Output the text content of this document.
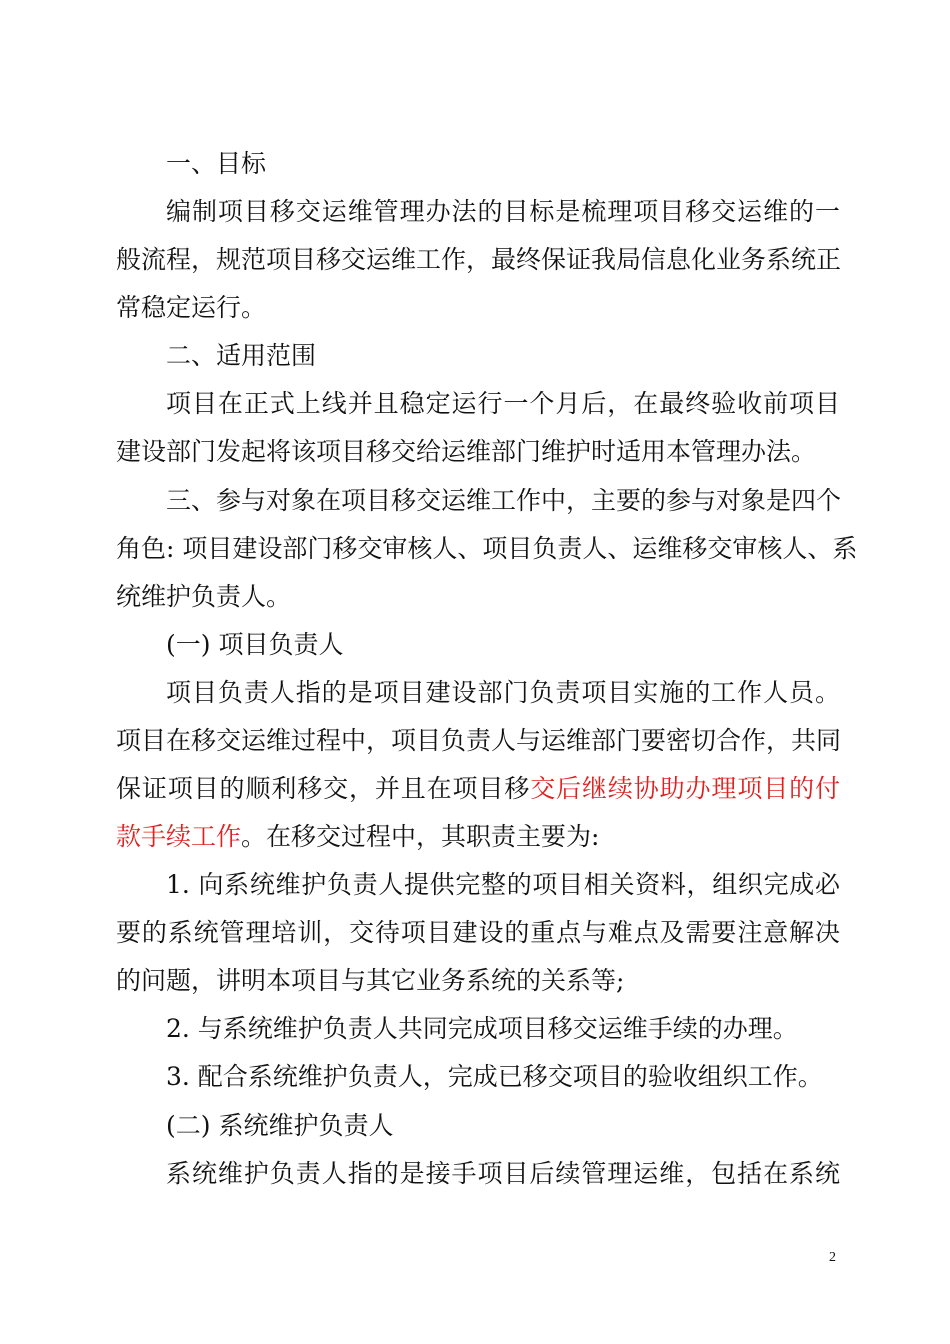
一、目标
编制项目移交运维管理办法的目标是梳理项目移交运维的一
般流程，规范项目移交运维工作，最终保证我局信息化业务系统正
常稳定运行。
二、适用范围
项目在正式上线并且稳定运行一个月后，在最终验收前项目
建设部门发起将该项目移交给运维部门维护时适用本管理办法。
三、参与对象在项目移交运维工作中，主要的参与对象是四个
角色: 项目建设部门移交审核人、项目负责人、运维移交审核人、系
统维护负责人。
(一) 项目负责人
项目负责人指的是项目建设部门负责项目实施的工作人员。
项目在移交运维过程中，项目负责人与运维部门要密切合作，共同
保证项目的顺利移交，并且在项目移交后继续协助办理项目的付
款手续工作。在移交过程中，其职责主要为:
1. 向系统维护负责人提供完整的项目相关资料，组织完成必
要的系统管理培训，交待项目建设的重点与难点及需要注意解决
的问题，讲明本项目与其它业务系统的关系等;
2. 与系统维护负责人共同完成项目移交运维手续的办理。
3. 配合系统维护负责人，完成已移交项目的验收组织工作。
(二) 系统维护负责人
系统维护负责人指的是接手项目后续管理运维，包括在系统
2
